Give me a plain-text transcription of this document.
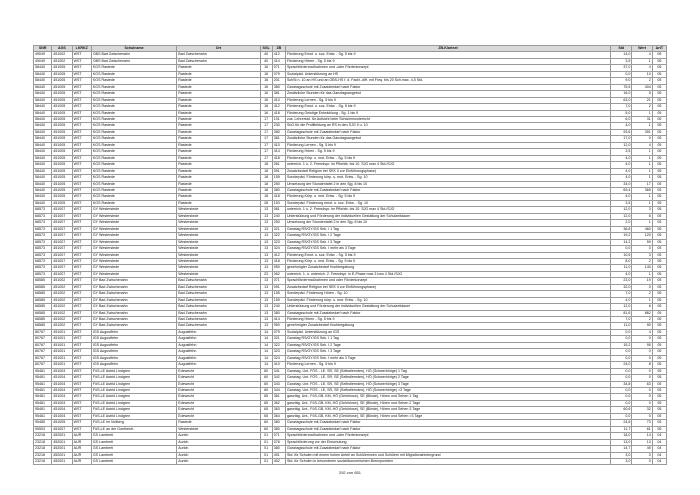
SNR	AGS	LKRKZ	Schulname	Ort	SGL	ZB	ZB-Klartext	Std	Wert	ArtT
49049	451002	WST	OBS Bad Zwischenahn	Bad Zwischenahn	40	412	Förderung Emot. u. soz. Entw. - Sg. 5 bis 9	14,0	4	05
49049	451002	WST	OBS Bad Zwischenahn	Bad Zwischenahn	40	414	Förderung Hören - Sg. 5 bis 9	3,5	1	05
58440	451005	WST	KGS Rastede	Rastede	16	071	Sprachfördermaßnahmen und -oder Förderkonzept	37,0	4	05
58440	451005	WST	KGS Rastede	Rastede	16	079	Sozialpäd. Unterstützung an HS	0,0	10	05
58440	451005	WST	KGS Rastede	Rastede	16	201	SchSt n. 10 an HS und an OBS-HS f. d. Fachl.-diff. mit Freq. bis 20 Sch.max. 4,5 Std.	9,0	2	05
58440	451005	WST	KGS Rastede	Rastede	16	380	Ganztagsschule mit Zusatzbedarf nach Faktor	75,5	404	05
58440	451005	WST	KGS Rastede	Rastede	16	381	Zusätzliche Stunden für das Ganztagsangebot	16,0	5	05
58440	451005	WST	KGS Rastede	Rastede	16	410	Förderung Lernen - Sg. 5 bis 9	63,0	21	05
58440	451005	WST	KGS Rastede	Rastede	16	412	Förderung Emot. u. soz. Entw. - Sg. 5 bis 9	7,0	2	05
58440	451005	WST	KGS Rastede	Rastede	16	418	Förderung Geistige Entwicklung - Sg. 1 bis 9	5,0	1	05
58440	451005	WST	KGS Rastede	Rastede	17	101	zus. Lehrerstd. für Aufsicht beim Schwimmunterricht	6,0	31	05
58440	451005	WST	KGS Rastede	Rastede	17	230	SüG für die Profilbildung an RS in den SJG 9 u. 10	4,0	1	05
58440	451005	WST	KGS Rastede	Rastede	17	380	Ganztagsschule mit Zusatzbedarf nach Faktor	93,6	391	05
58440	451005	WST	KGS Rastede	Rastede	17	381	Zusätzliche Stunden für das Ganztagsangebot	17,0	0	05
58440	451005	WST	KGS Rastede	Rastede	17	410	Förderung Lernen - Sg. 5 bis 9	12,0	4	05
58440	451005	WST	KGS Rastede	Rastede	17	414	Förderung Hören - Sg. 5 bis 9	3,5	1	05
58440	451005	WST	KGS Rastede	Rastede	17	418	Förderung Körp. u. mot. Entw. - Sg. 5 bis 9	4,0	1	05
58440	451005	WST	KGS Rastede	Rastede	18	061	unterrich. 1 u. 2. Fremdspr. im Pflichtb. bis 10. SJG max 4 Std./SJG	4,0	1	05
58440	451005	WST	KGS Rastede	Rastede	18	091	Zusatzbedarf Religion bei SEK II zur Einführungsphase)	4,0	1	05
58440	451005	WST	KGS Rastede	Rastede	18	159	Sonderpäd. Förderung körp. u. mot. Entw. - Sg. 10	4,0	1	05
58440	451005	WST	KGS Rastede	Rastede	18	250	Umsetzung der Stundentafel 2 in den Sjg. 8 bis 10	34,0	17	05
58440	451005	WST	KGS Rastede	Rastede	18	380	Ganztagsschule mit Zusatzbedarf nach Faktor	69,4	365	05
58440	451005	WST	KGS Rastede	Rastede	18	418	Förderung Körp. u. mot. Entw. - Sg. 5 bis 9	4,0	1	05
58440	451005	WST	KGS Rastede	Rastede	28	153	Sonderpäd. Förderung emot. u. soz. Entw. - Sg. 10	3,5	1	05
68573	451007	WST	GY Westerstede	Westerstede	13	061	unterrich. 1 u. 2. Fremdspr. im Pflichtb. bis 10. SJG max 4 Std./SJG	12,0	3	05
68573	451007	WST	GY Westerstede	Westerstede	13	240	Unterstützung und Förderung der individuellen Gestaltung der Schulzeitdauer	12,0	6	05
68573	451007	WST	GY Westerstede	Westerstede	13	250	Umsetzung der Stundentafel 2 in den Sjg. 8 bis 10	2,0	1	05
68573	451007	WST	GY Westerstede	Westerstede	13	321	Ganztag RS/GY/GS Sek. I 1 Tag	36,8	460	05
68573	451007	WST	GY Westerstede	Westerstede	13	322	Ganztag RS/GY/GS Sek. I 2 Tage	19,2	120	05
68573	451007	WST	GY Westerstede	Westerstede	13	323	Ganztag RS/GY/GS Sek. I 3 Tage	14,2	59	05
68573	451007	WST	GY Westerstede	Westerstede	13	324	Ganztag RS/GY/GS Sek. I mehr als 3 Tage	0,0	0	05
68573	451007	WST	GY Westerstede	Westerstede	13	412	Förderung Emot. u. soz. Entw. - Sg. 5 bis 9	10,5	3	05
68573	451007	WST	GY Westerstede	Westerstede	13	418	Förderung Körp. u. mot. Entw. - Sg. 5 bis 9	8,0	2	05
68573	451007	WST	GY Westerstede	Westerstede	13	950	genehmigter Zusatzbedarf Hochbegabung	11,0	140	05
68573	451007	WST	GY Westerstede	Westerstede	23	062	unterrich. 1. u. unterrich. 2. Fremdspr. in E-Phase max 3 bzw 4 Std./SJG	4,0	1	05
68585	451002	WST	GY Bad Zwischenahn	Bad Zwischenahn	13	071	Sprachfördermaßnahmen und oder Förderkonzept	23,0	19	05
68585	451002	WST	GY Bad Zwischenahn	Bad Zwischenahn	13	091	Zusatzbedarf Religion bei SEK II zur Einführungsphase)	32,0	0	05
68585	451002	WST	GY Bad Zwischenahn	Bad Zwischenahn	13	155	Sonderpäd. Förderung Hören - Sg. 10	7,0	2	05
68585	451002	WST	GY Bad Zwischenahn	Bad Zwischenahn	13	159	Sonderpäd. Förderung körp. u. mot. Entw. - Sg. 10	4,0	1	05
68585	451002	WST	GY Bad Zwischenahn	Bad Zwischenahn	13	240	Unterstützung und Förderung der individuellen Gestaltung der Schulzeitdauer	12,0	6	05
68585	451002	WST	GY Bad Zwischenahn	Bad Zwischenahn	13	380	Ganztagsschule mit Zusatzbedarf nach Faktor	81,6	862	05
68585	451002	WST	GY Bad Zwischenahn	Bad Zwischenahn	13	414	Förderung Hören - Sg. 5 bis 9	7,0	2	05
68585	451002	WST	GY Bad Zwischenahn	Bad Zwischenahn	13	950	genehmigter Zusatzbedarf Hochbegabung	11,0	90	05
80767	451001	WST	IGS Augustfehn	Augustfehn	14	079	Sozialpäd. Unterstützung an IGS	0,0	4	05
80767	451001	WST	IGS Augustfehn	Augustfehn	14	321	Ganztag RS/GY/GS Sek. I 1 Tag	0,0	0	05
80767	451001	WST	IGS Augustfehn	Augustfehn	14	322	Ganztag RS/GY/GS Sek. I 2 Tage	15,2	95	05
80767	451001	WST	IGS Augustfehn	Augustfehn	14	323	Ganztag RS/GY/GS Sek. I 3 Tage	0,0	0	05
80767	451001	WST	IGS Augustfehn	Augustfehn	14	324	Ganztag RS/GY/GS Sek. I mehr als 3 Tage	0,0	0	05
80767	451001	WST	IGS Augustfehn	Augustfehn	14	410	Förderung Lernen - Sg. 5 bis 9	24,0	8	05
95461	451004	WST	FöS-LE Astrid Lindgren	Edewecht	60	341	Ganztag. Unt. FÖS - LE, SR, SE (Selbstlernden), HÖ (Schwerhörige) 1 Tag	0,0	0	05
95461	451004	WST	FöS-LE Astrid Lindgren	Edewecht	60	342	Ganztag. Unt. FÖS - LE, SR, SE (Selbstlernden), HÖ (Schwerhörige) 2 Tage	0,0	0	05
95461	451004	WST	FöS-LE Astrid Lindgren	Edewecht	60	343	Ganztag. Unt. FÖS - LE, SR, SE (Selbstlernden), HÖ (Schwerhörige) 3 Tage	34,8	63	05
95461	451004	WST	FöS-LE Astrid Lindgren	Edewecht	60	344	Ganztag. Unt. FÖS - LE, SR, SE (Selbstlernden), HÖ (Schwerhörige) >3 Tage	0,0	0	05
95461	451004	WST	FöS-LE Astrid Lindgren	Edewecht	65	361	ganztäg. Unt., FöS-GB, KM, HÖ (Gehörlose), SE (Blinde), Hören und Sehen 1 Tag	0,0	0	05
95461	451004	WST	FöS-LE Astrid Lindgren	Edewecht	65	362	ganztäg. Unt., FöS-GB, KM, HÖ (Gehörlose), SE (Blinde), Hören und Sehen 2 Tage	0,0	0	05
95461	451004	WST	FöS-LE Astrid Lindgren	Edewecht	65	363	ganztäg. Unt., FöS-GB, KM, HÖ (Gehörlose), SE (Blinde), Hören und Sehen 3 Tage	60,6	32	05
95461	451004	WST	FöS-LE Astrid Lindgren	Edewecht	65	364	ganztäg. Unt., FöS-GB, KM, HÖ (Gehörlose), SE (Blinde), Hören und Sehen >3 Tage	0,0	0	05
95485	451005	WST	FöS-LE im Vollberg	Rastede	60	380	Ganztagsschule mit Zusatzbedarf nach Faktor	24,8	73	05
95503	451007	WST	FöS-LE an der Goethestr.	Westerstede	60	380	Ganztagsschule mit Zusatzbedarf nach Faktor	11,7	61	05
23218	452001	AUR	GS Lamberti	Aurich	01	071	Sprachfördermaßnahmen und -oder Förderkonzept	18,0	14	04
23218	452001	AUR	GS Lamberti	Aurich	01	076	Sprachförderung vor der Einschulung	13,0	13	04
23218	452001	AUR	GS Lamberti	Aurich	01	380	Ganztagsschule mit Zusatzbedarf nach Faktor	14,7	49	04
23218	452001	AUR	GS Lamberti	Aurich	01	401	Std. für Schulen mit einem hohen Anteil an Schülerinnen und Schülern mit Migrationshintergrund	3,0	0	04
23218	452001	AUR	GS Lamberti	Aurich	01	402	Std. für Schulen in besonderen sozialökonomischen Brennpunkten	3,0	0	04
292 von 651
